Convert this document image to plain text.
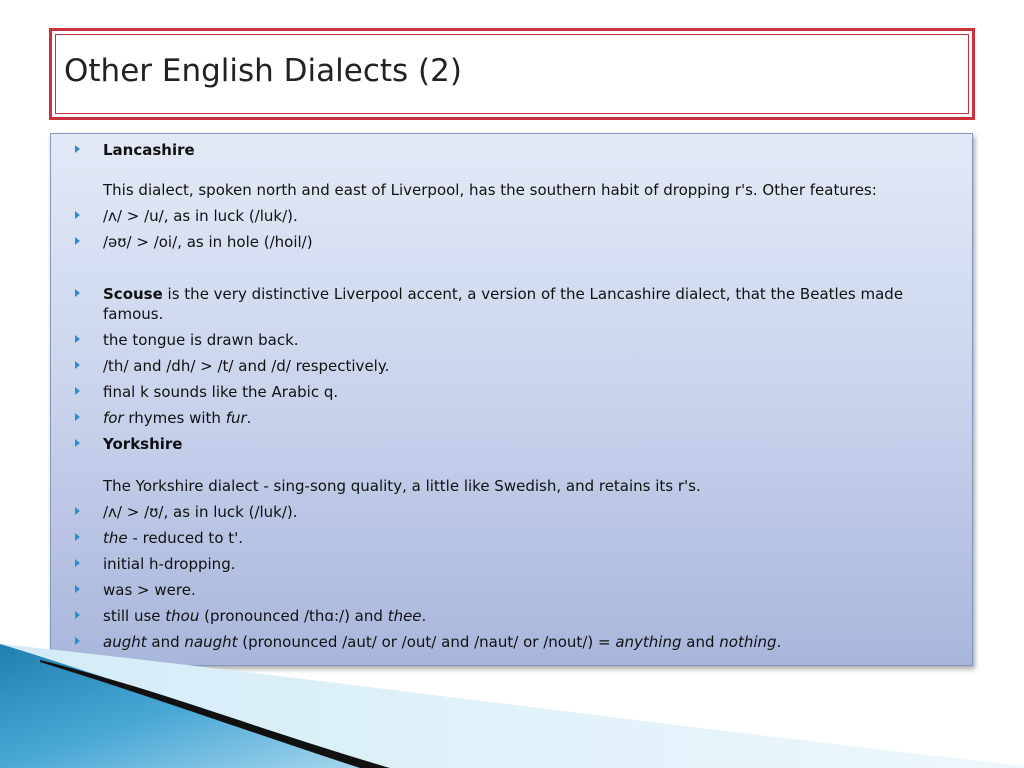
Other English Dialects (2)
Lancashire
This dialect, spoken north and east of Liverpool, has the southern habit of dropping r's. Other features:
/ʌ/ > /u/, as in luck (/luk/).
/əʊ/ > /oi/, as in hole (/hoil/)
Scouse is the very distinctive Liverpool accent, a version of the Lancashire dialect, that the Beatles made famous.
the tongue is drawn back.
/th/ and /dh/ > /t/ and /d/ respectively.
final k sounds like the Arabic q.
for rhymes with fur.
Yorkshire
The Yorkshire dialect - sing-song quality, a little like Swedish, and retains its r's.
/ʌ/ > /ʊ/, as in luck (/luk/).
the - reduced to t'.
initial h-dropping.
was > were.
still use thou (pronounced /thɑ:/) and thee.
aught and naught (pronounced /aut/ or /out/ and /naut/ or /nout/) = anything and nothing.
